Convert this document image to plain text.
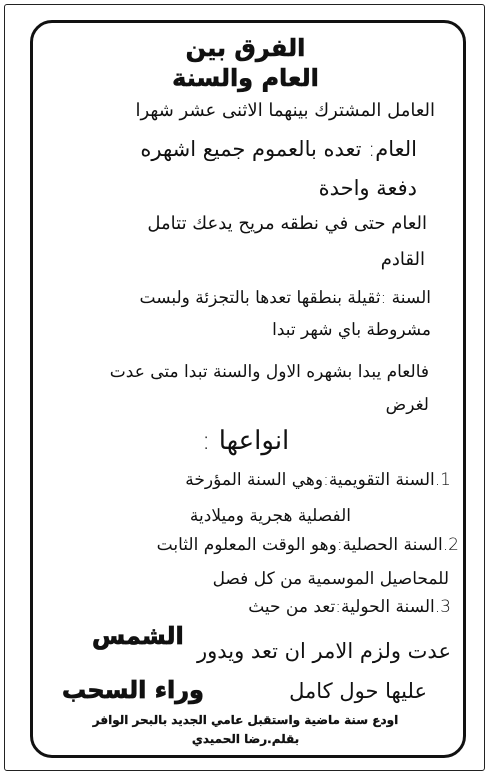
الفرق بين

العام والسنة

العامل المشترك بينهما الاثنى عشر شهرا

العام: تعده بالعموم جميع اشهره

دفعة واحدة

العام حتى في نطقه مريح يدعك تتامل

القادم

السنة :ثقيلة بنطقها تعدها بالتجزئة ولبست

مشروطة باي شهر تبدا

فالعام يبدا بشهره الاول والسنة تبدا متى عدت

لغرض

انواعها :

1.السنة التقويمية:وهي السنة المؤرخة

الفصلية هجرية وميلادية

2.السنة الحصلية:وهو الوقت المعلوم الثابت

للمحاصيل الموسمية من كل فصل

3.السنة الحولية:تعد من حيث

الشمس

عدت ولزم الامر ان تعد ويدور

وراء السحب	عليها حول كامل

اودع سنة ماضية واستقبل عامي الجديد بالبحر الوافر

بقلم.رضا الحميدي
